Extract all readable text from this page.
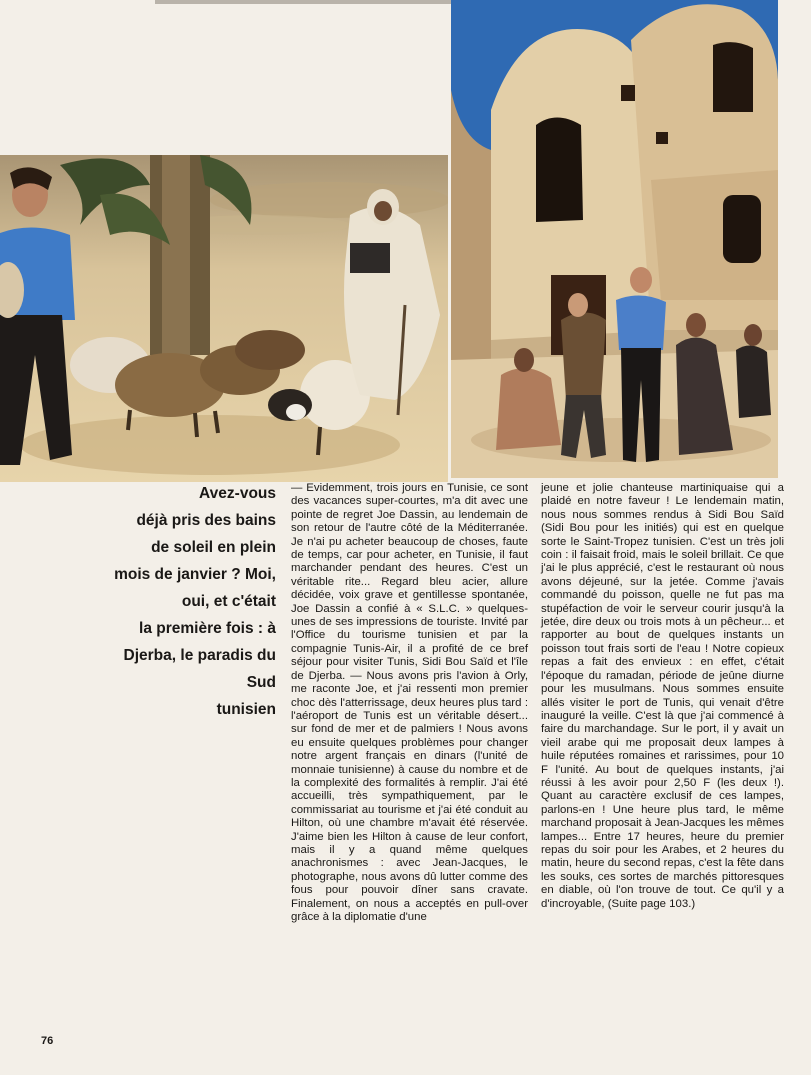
Avez-vous
déjà pris des bains
de soleil en plein
mois de janvier ? Moi,
oui, et c'était
la première fois : à
Djerba, le paradis du
Sud
tunisien

— Evidemment, trois jours en Tunisie, ce sont des vacances super-courtes, m'a dit avec une pointe de regret Joe Dassin, au lendemain de son retour de l'autre côté de la Méditerranée. Je n'ai pu acheter beaucoup de choses, faute de temps, car pour acheter, en Tunisie, il faut marchander pendant des heures. C'est un véritable rite... Regard bleu acier, allure décidée, voix grave et gentillesse spontanée, Joe Dassin a confié à « S.L.C. » quelques-unes de ses impressions de touriste. Invité par l'Office du tourisme tunisien et par la compagnie Tunis-Air, il a profité de ce bref séjour pour visiter Tunis, Sidi Bou Saïd et l'île de Djerba. — Nous avons pris l'avion à Orly, me raconte Joe, et j'ai ressenti mon premier choc dès l'atterrissage, deux heures plus tard : l'aéroport de Tunis est un véritable désert... sur fond de mer et de palmiers ! Nous avons eu ensuite quelques problèmes pour changer notre argent français en dinars (l'unité de monnaie tunisienne) à cause du nombre et de la complexité des formalités à remplir. J'ai été accueilli, très sympathiquement, par le commissariat au tourisme et j'ai été conduit au Hilton, où une chambre m'avait été réservée. J'aime bien les Hilton à cause de leur confort, mais il y a quand même quelques anachronismes : avec Jean-Jacques, le photographe, nous avons dû lutter comme des fous pour pouvoir dîner sans cravate. Finalement, on nous a acceptés en pull-over grâce à la diplomatie d'une

jeune et jolie chanteuse martiniquaise qui a plaidé en notre faveur ! Le lendemain matin, nous nous sommes rendus à Sidi Bou Saïd (Sidi Bou pour les initiés) qui est en quelque sorte le Saint-Tropez tunisien. C'est un très joli coin : il faisait froid, mais le soleil brillait. Ce que j'ai le plus apprécié, c'est le restaurant où nous avons déjeuné, sur la jetée. Comme j'avais commandé du poisson, quelle ne fut pas ma stupéfaction de voir le serveur courir jusqu'à la jetée, dire deux ou trois mots à un pêcheur... et rapporter au bout de quelques instants un poisson tout frais sorti de l'eau ! Notre copieux repas a fait des envieux : en effet, c'était l'époque du ramadan, période de jeûne diurne pour les musulmans. Nous sommes ensuite allés visiter le port de Tunis, qui venait d'être inauguré la veille. C'est là que j'ai commencé à faire du marchandage. Sur le port, il y avait un vieil arabe qui me proposait deux lampes à huile réputées romaines et rarissimes, pour 10 F l'unité. Au bout de quelques instants, j'ai réussi à les avoir pour 2,50 F (les deux !). Quant au caractère exclusif de ces lampes, parlons-en ! Une heure plus tard, le même marchand proposait à Jean-Jacques les mêmes lampes... Entre 17 heures, heure du premier repas du soir pour les Arabes, et 2 heures du matin, heure du second repas, c'est la fête dans les souks, ces sortes de marchés pittoresques en diable, où l'on trouve de tout. Ce qu'il y a d'incroyable, (Suite page 103.)

76
